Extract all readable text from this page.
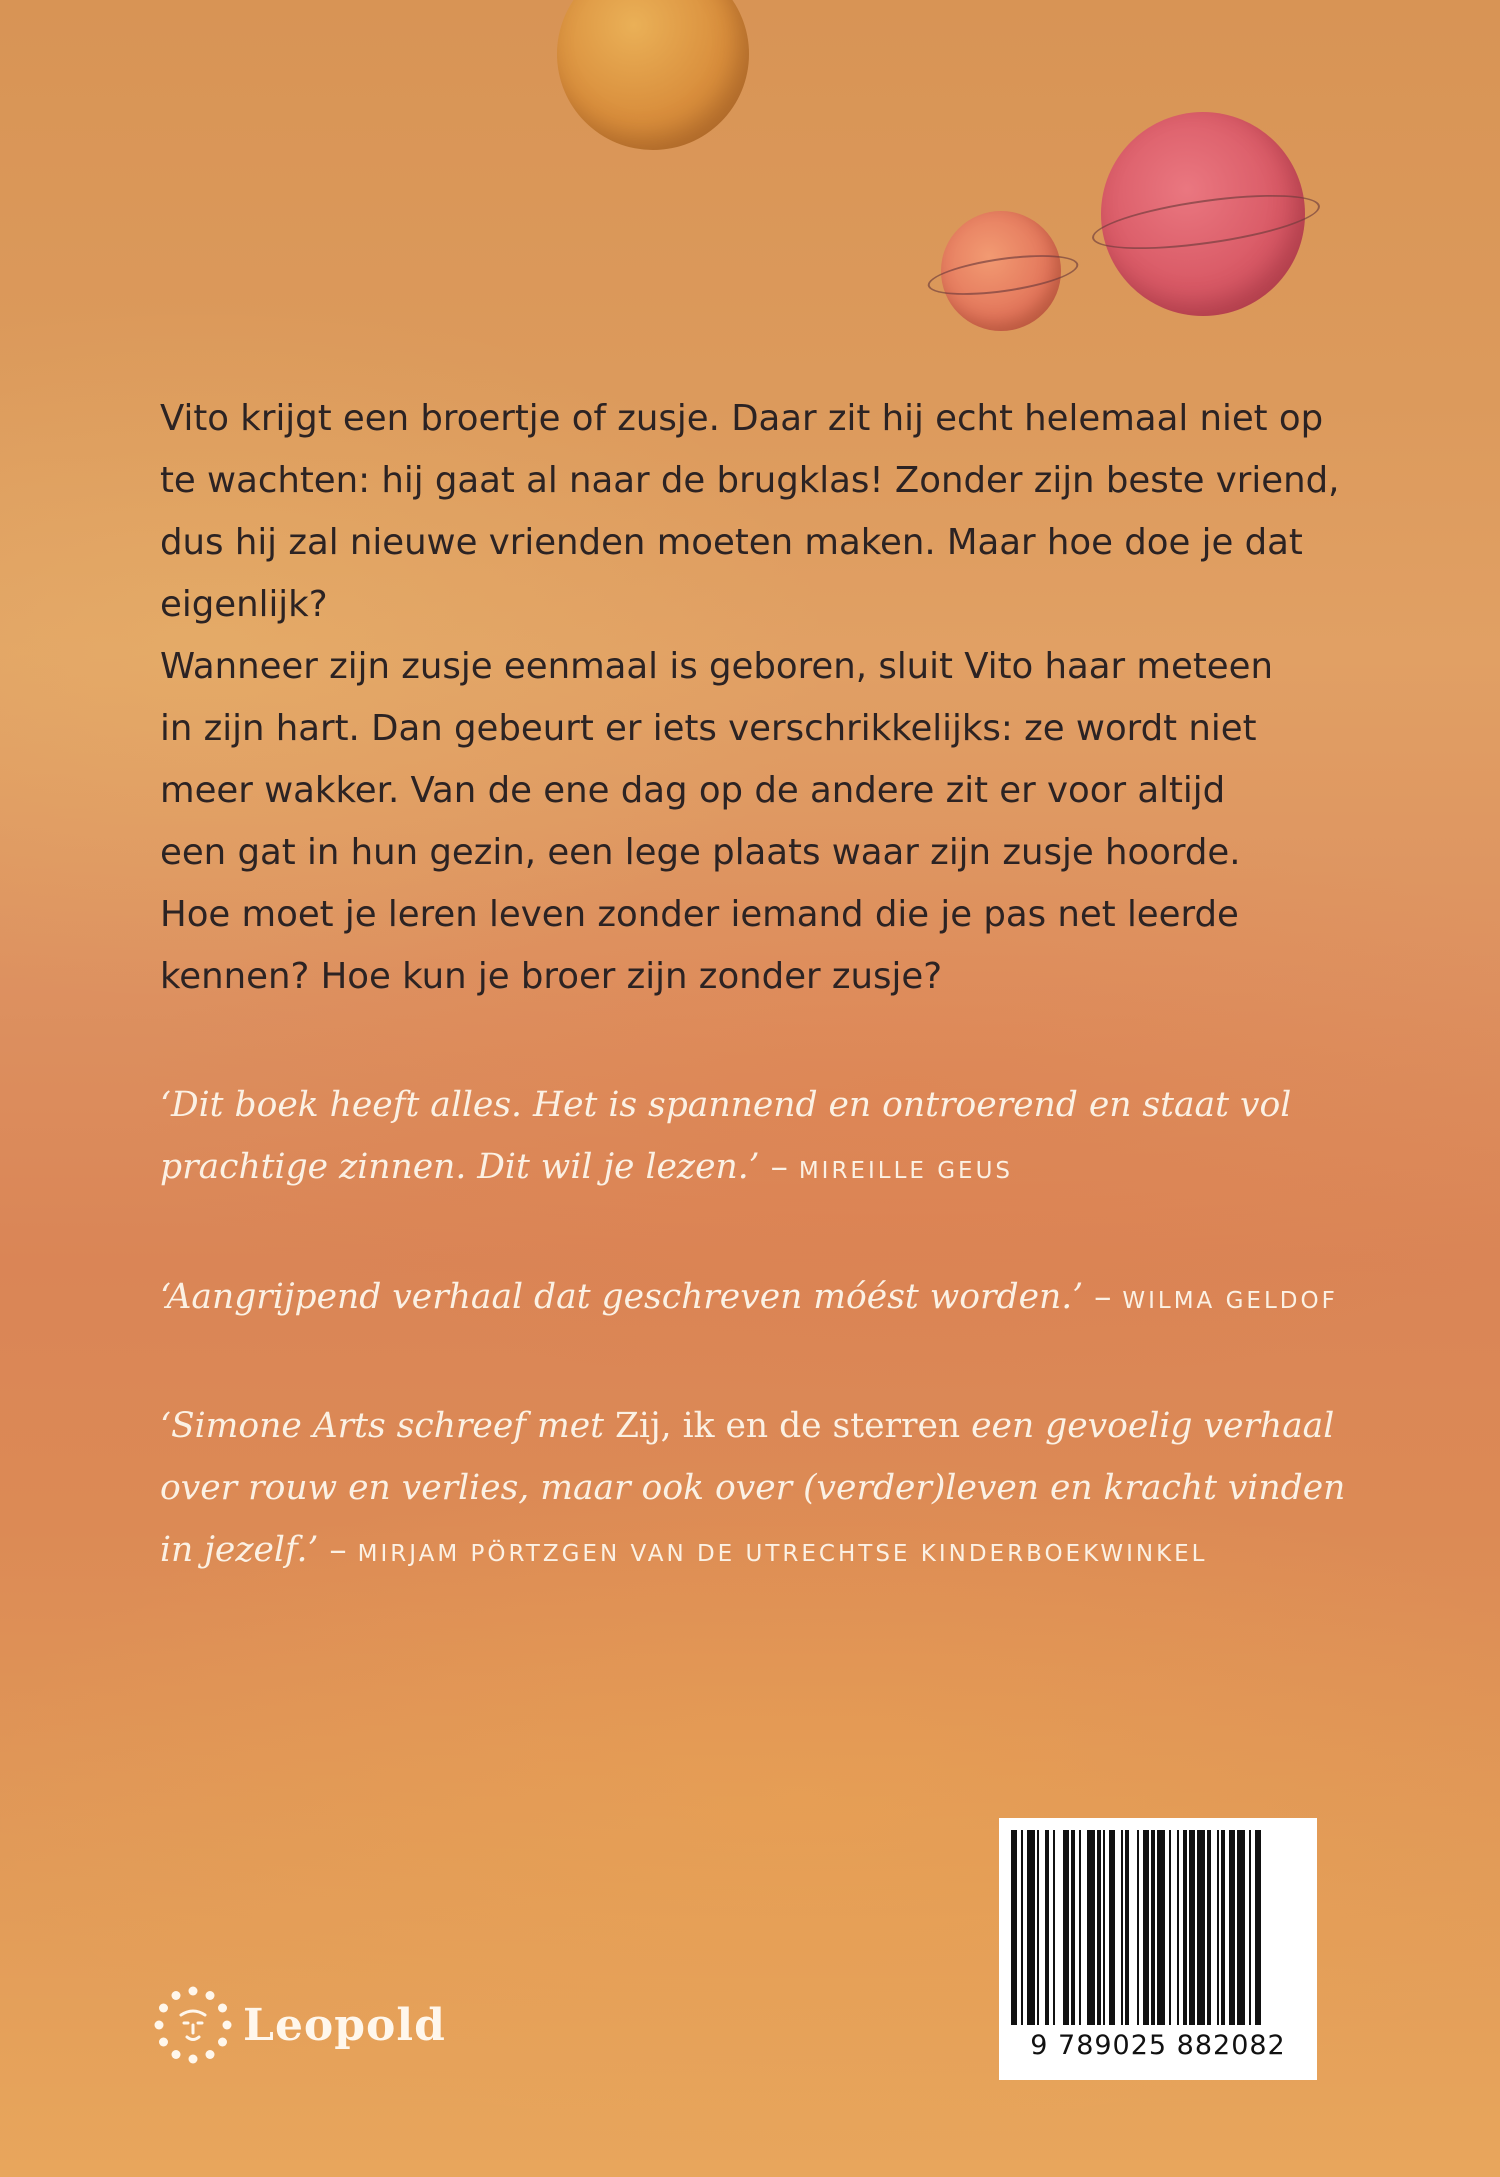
Vito krijgt een broertje of zusje. Daar zit hij echt helemaal niet op
te wachten: hij gaat al naar de brugklas! Zonder zijn beste vriend,
dus hij zal nieuwe vrienden moeten maken. Maar hoe doe je dat
eigenlijk?
Wanneer zijn zusje eenmaal is geboren, sluit Vito haar meteen
in zijn hart. Dan gebeurt er iets verschrikkelijks: ze wordt niet
meer wakker. Van de ene dag op de andere zit er voor altijd
een gat in hun gezin, een lege plaats waar zijn zusje hoorde.
Hoe moet je leren leven zonder iemand die je pas net leerde
kennen? Hoe kun je broer zijn zonder zusje?

‘Dit boek heeft alles. Het is spannend en ontroerend en staat vol
prachtige zinnen. Dit wil je lezen.’ – MIREILLE GEUS

‘Aangrijpend verhaal dat geschreven móést worden.’ – WILMA GELDOF

‘Simone Arts schreef met Zij, ik en de sterren een gevoelig verhaal
over rouw en verlies, maar ook over (verder)leven en kracht vinden
in jezelf.’ – MIRJAM PÖRTZGEN VAN DE UTRECHTSE KINDERBOEKWINKEL

Leopold	9 789025 882082
